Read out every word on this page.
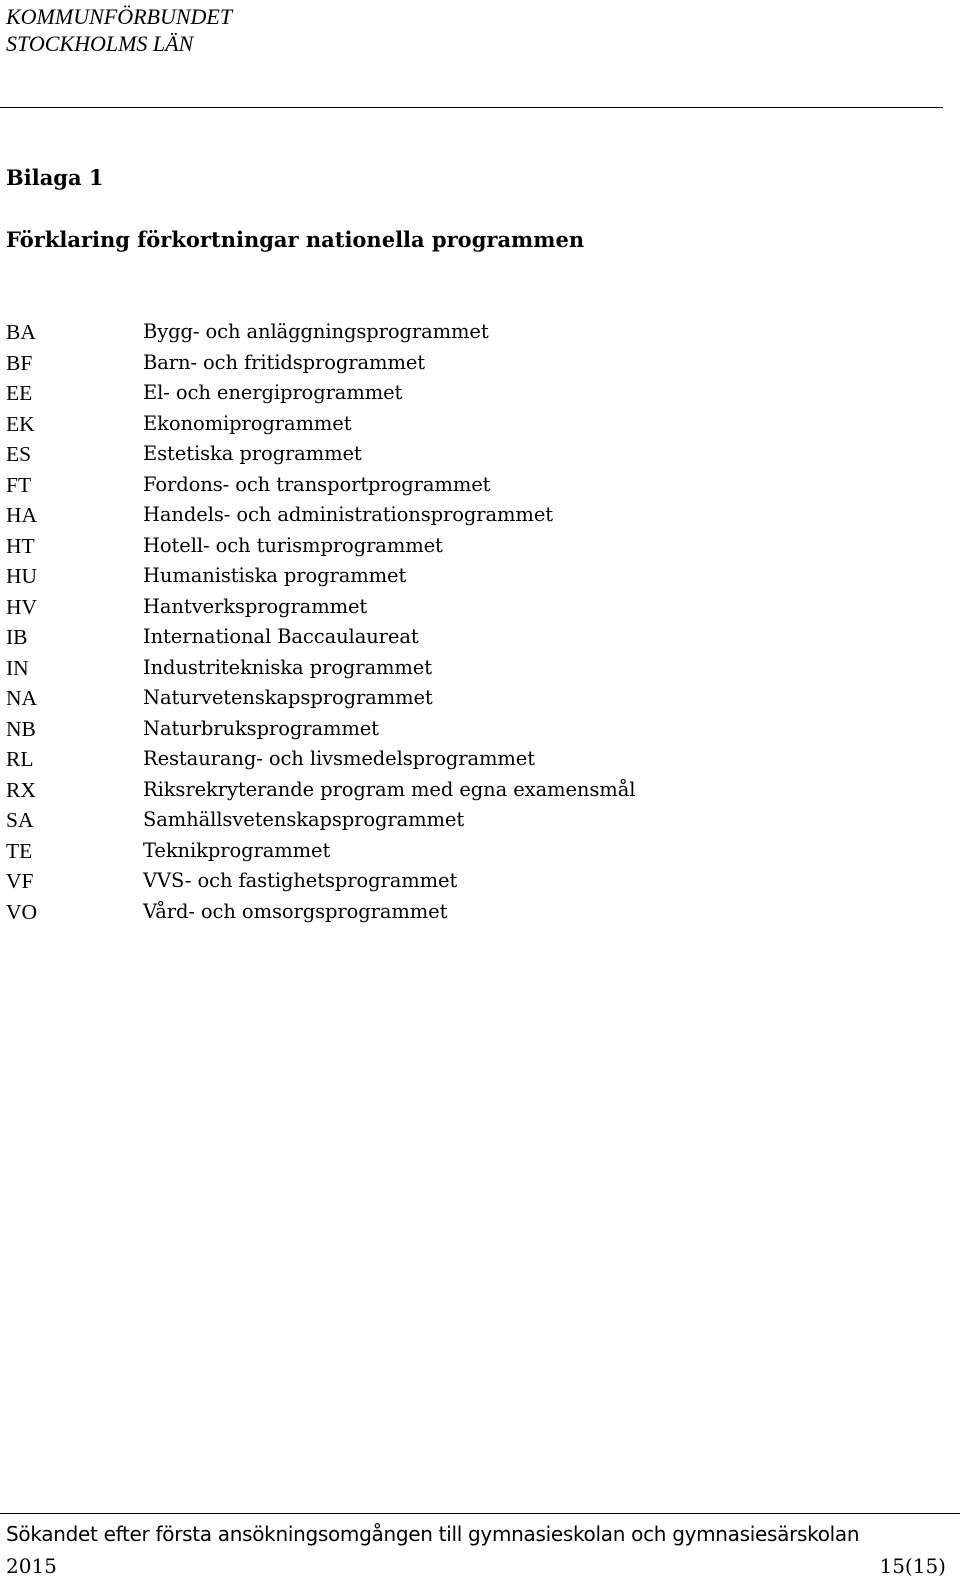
KOMMUNFÖRBUNDET
STOCKHOLMS LÄN
Bilaga 1
Förklaring förkortningar nationella programmen
BA	Bygg- och anläggningsprogrammet
BF	Barn- och fritidsprogrammet
EE	El- och energiprogrammet
EK	Ekonomiprogrammet
ES	Estetiska programmet
FT	Fordons- och transportprogrammet
HA	Handels- och administrationsprogrammet
HT	Hotell- och turismprogrammet
HU	Humanistiska programmet
HV	Hantverksprogrammet
IB	International Baccaulaureat
IN	Industritekniska programmet
NA	Naturvetenskapsprogrammet
NB	Naturbruksprogrammet
RL	Restaurang- och livsmedelsprogrammet
RX	Riksrekryterande program med egna examensmål
SA	Samhällsvetenskapsprogrammet
TE	Teknikprogrammet
VF	VVS- och fastighetsprogrammet
VO	Vård- och omsorgsprogrammet
Sökandet efter första ansökningsomgången till gymnasieskolan och gymnasiesärskolan
2015	15(15)
